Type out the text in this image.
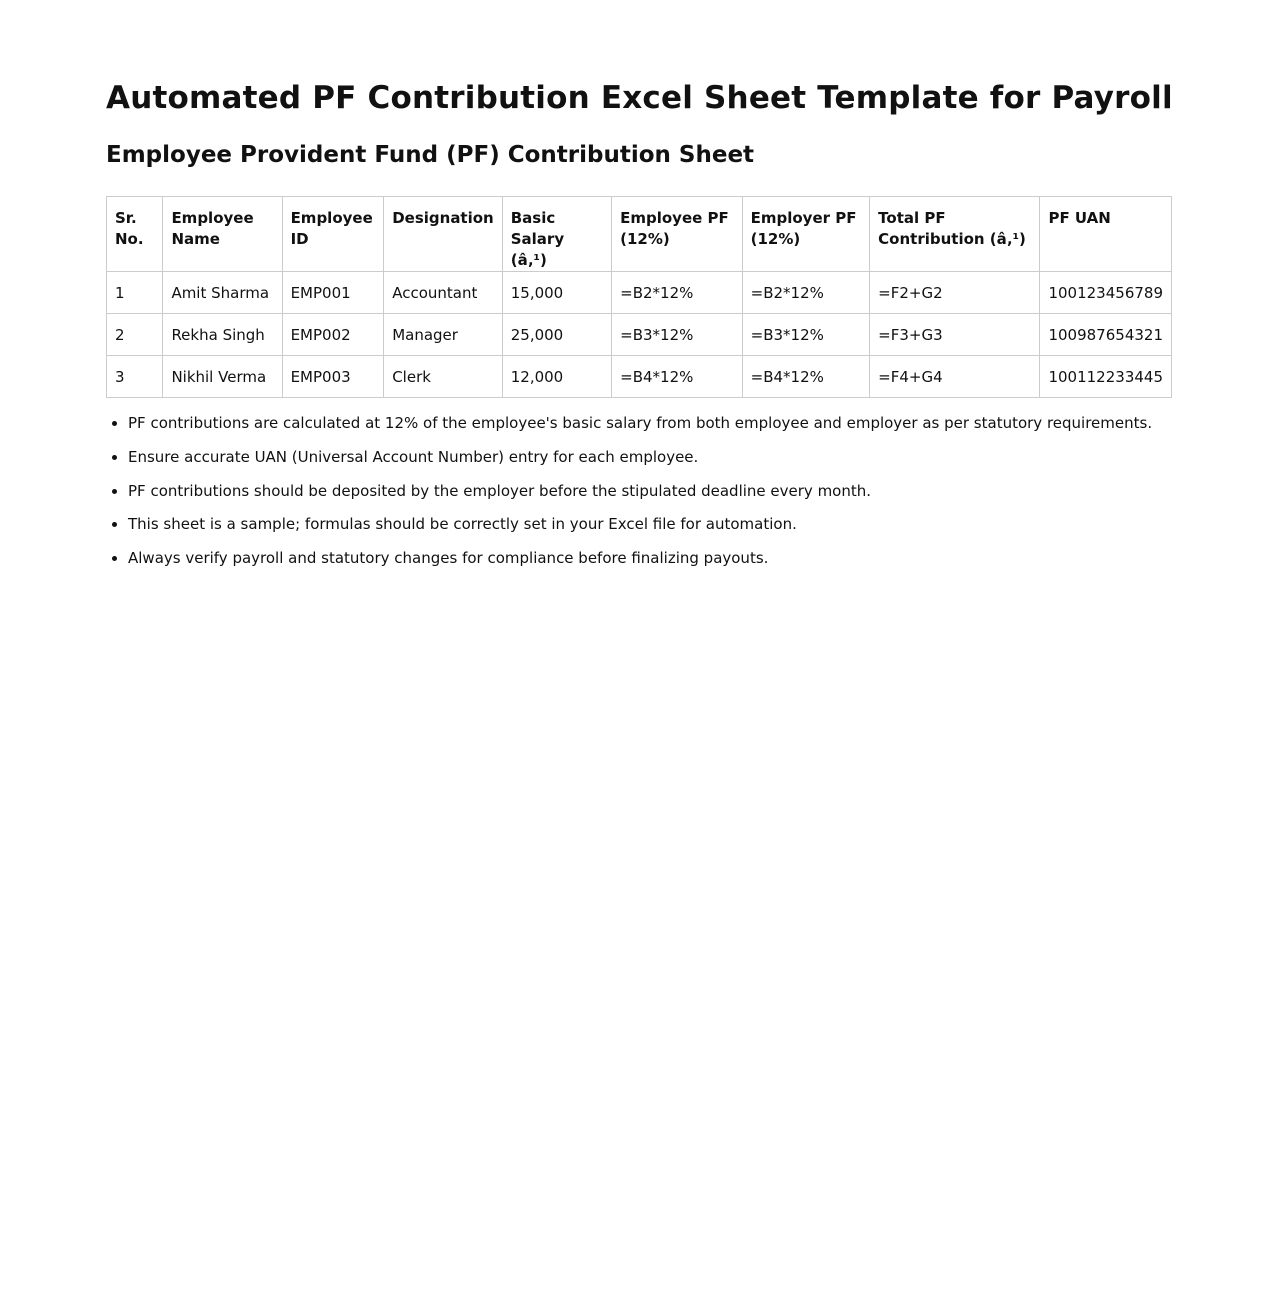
Automated PF Contribution Excel Sheet Template for Payroll
Employee Provident Fund (PF) Contribution Sheet
Sr. No.	Employee Name	Employee ID	Designation	Basic Salary (â‚¹)	Employee PF (12%)	Employer PF (12%)	Total PF Contribution (â‚¹)	PF UAN
1	Amit Sharma	EMP001	Accountant	15,000	=B2*12%	=B2*12%	=F2+G2	100123456789
2	Rekha Singh	EMP002	Manager	25,000	=B3*12%	=B3*12%	=F3+G3	100987654321
3	Nikhil Verma	EMP003	Clerk	12,000	=B4*12%	=B4*12%	=F4+G4	100112233445
• PF contributions are calculated at 12% of the employee's basic salary from both employee and employer as per statutory requirements.
• Ensure accurate UAN (Universal Account Number) entry for each employee.
• PF contributions should be deposited by the employer before the stipulated deadline every month.
• This sheet is a sample; formulas should be correctly set in your Excel file for automation.
• Always verify payroll and statutory changes for compliance before finalizing payouts.
